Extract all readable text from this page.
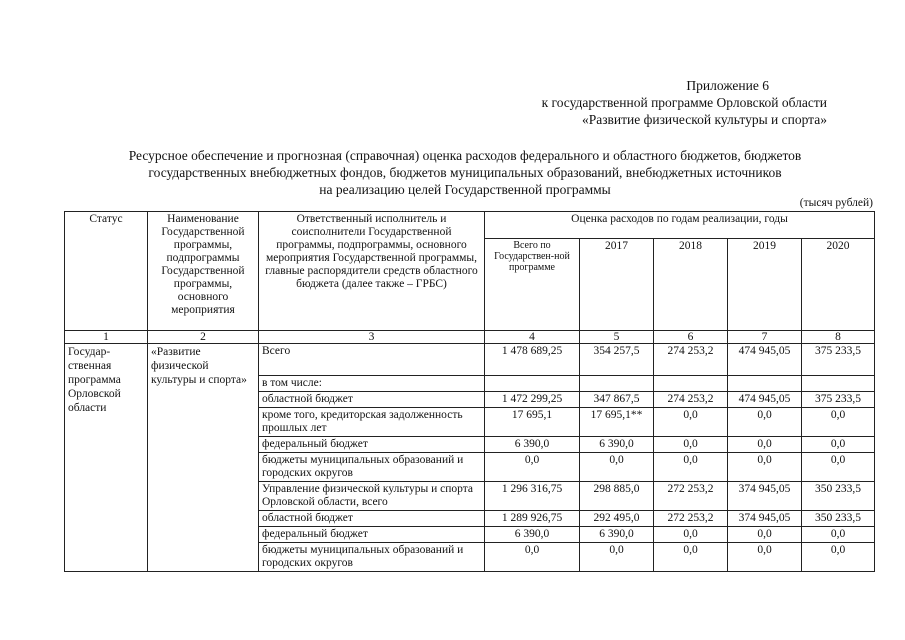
Приложение 6
к государственной программе Орловской области
«Развитие физической культуры и спорта»
Ресурсное обеспечение и прогнозная (справочная) оценка расходов федерального и областного бюджетов, бюджетов
государственных внебюджетных фондов, бюджетов муниципальных образований, внебюджетных источников
на реализацию целей Государственной программы
(тысяч рублей)
Статус	Наименование Государственной программы, подпрограммы Государственной программы, основного мероприятия	Ответственный исполнитель и соисполнители Государственной программы, подпрограммы, основного мероприятия Государственной программы, главные распорядители средств областного бюджета (далее также – ГРБС)	Оценка расходов по годам реализации, годы				
			Всего по Государствен-ной программе	2017	2018	2019	2020
1	2	3	4	5	6	7	8
Государ-ственная программа Орловской области	«Развитие физической культуры и спорта»	Всего	1 478 689,25	354 257,5	274 253,2	474 945,05	375 233,5
		в том числе:					
		областной бюджет	1 472 299,25	347 867,5	274 253,2	474 945,05	375 233,5
		кроме того, кредиторская задолженность прошлых лет	17 695,1	17 695,1**	0,0	0,0	0,0
		федеральный бюджет	6 390,0	6 390,0	0,0	0,0	0,0
		бюджеты муниципальных образований и городских округов	0,0	0,0	0,0	0,0	0,0
		Управление физической культуры и спорта Орловской области, всего	1 296 316,75	298 885,0	272 253,2	374 945,05	350 233,5
		областной бюджет	1 289 926,75	292 495,0	272 253,2	374 945,05	350 233,5
		федеральный бюджет	6 390,0	6 390,0	0,0	0,0	0,0
		бюджеты муниципальных образований и городских округов	0,0	0,0	0,0	0,0	0,0
